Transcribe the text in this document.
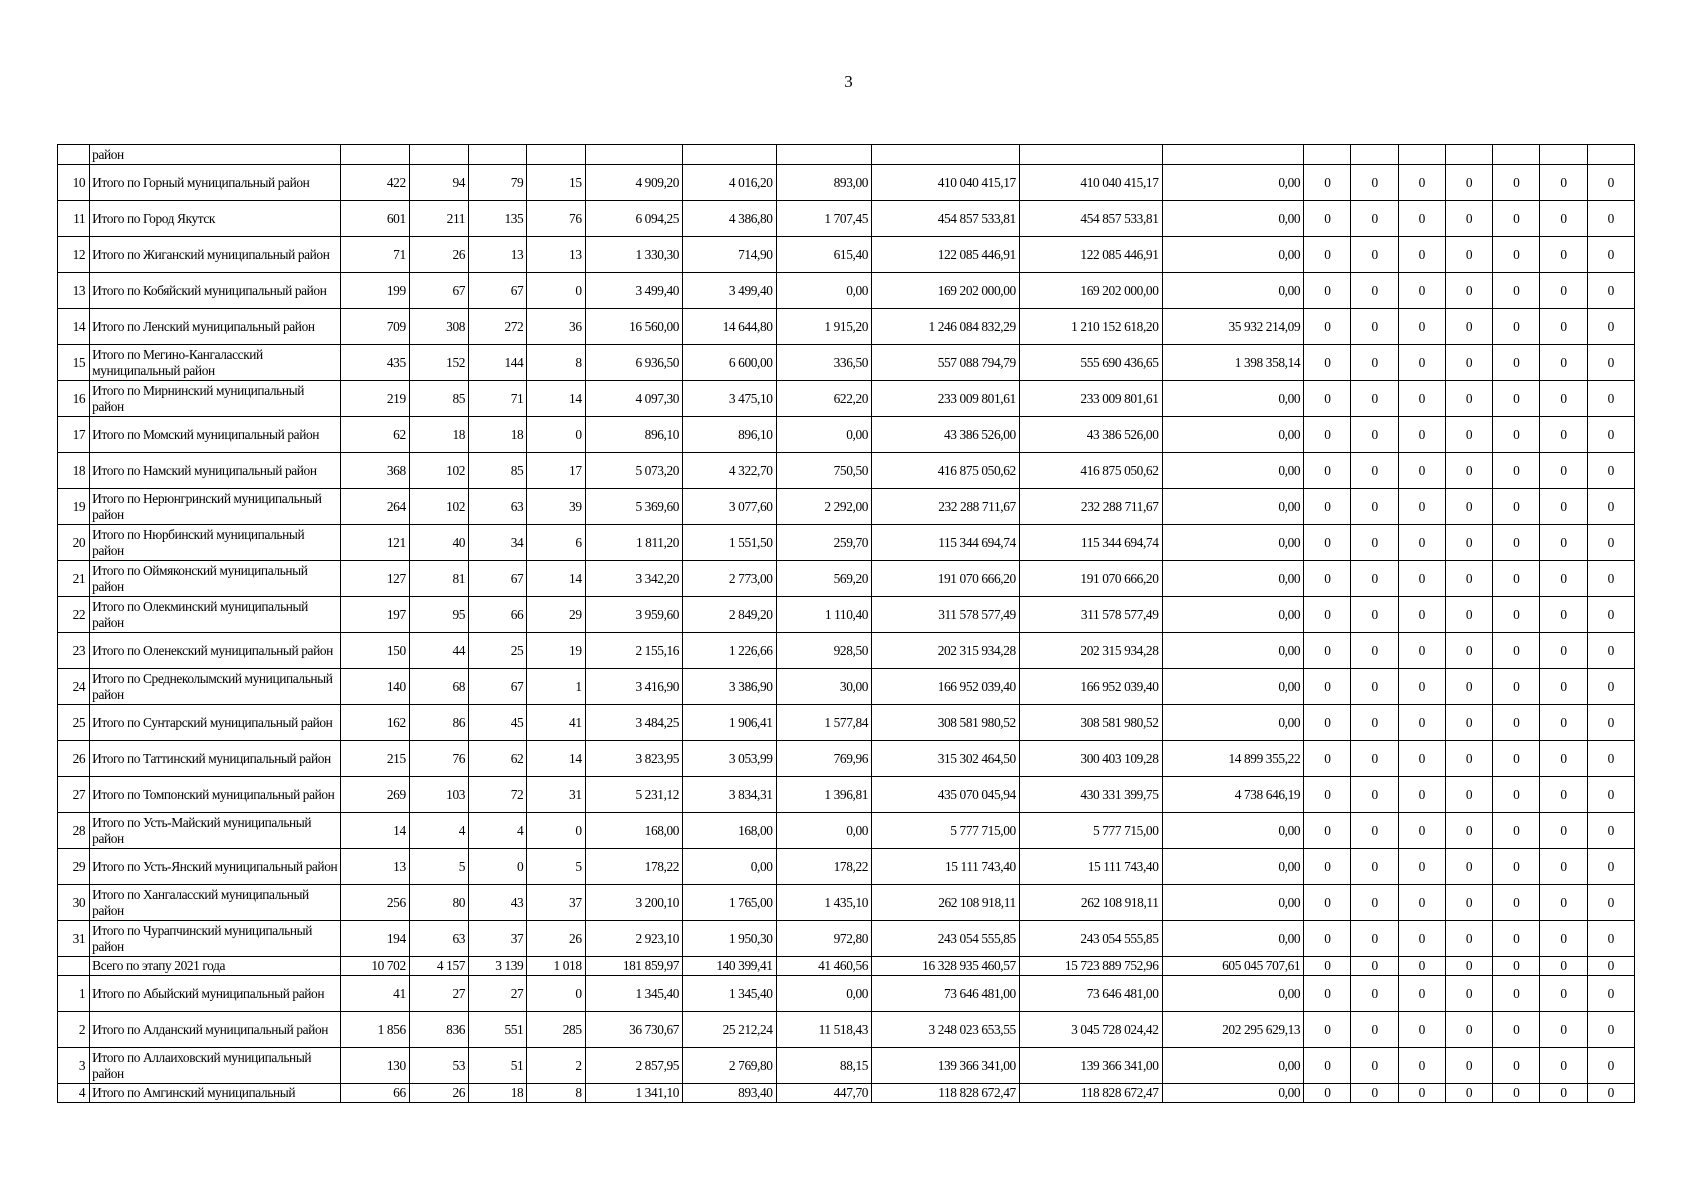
3
	район																	
10	Итого по Горный муниципальный район	422	94	79	15	4 909,20	4 016,20	893,00	410 040 415,17	410 040 415,17	0,00	0	0	0	0	0	0	0
11	Итого по Город Якутск	601	211	135	76	6 094,25	4 386,80	1 707,45	454 857 533,81	454 857 533,81	0,00	0	0	0	0	0	0	0
12	Итого по Жиганский муниципальный район	71	26	13	13	1 330,30	714,90	615,40	122 085 446,91	122 085 446,91	0,00	0	0	0	0	0	0	0
13	Итого по Кобяйский муниципальный район	199	67	67	0	3 499,40	3 499,40	0,00	169 202 000,00	169 202 000,00	0,00	0	0	0	0	0	0	0
14	Итого по Ленский муниципальный район	709	308	272	36	16 560,00	14 644,80	1 915,20	1 246 084 832,29	1 210 152 618,20	35 932 214,09	0	0	0	0	0	0	0
15	Итого по Мегино-Кангаласский муниципальный район	435	152	144	8	6 936,50	6 600,00	336,50	557 088 794,79	555 690 436,65	1 398 358,14	0	0	0	0	0	0	0
16	Итого по Мирнинский муниципальный район	219	85	71	14	4 097,30	3 475,10	622,20	233 009 801,61	233 009 801,61	0,00	0	0	0	0	0	0	0
17	Итого по Момский муниципальный район	62	18	18	0	896,10	896,10	0,00	43 386 526,00	43 386 526,00	0,00	0	0	0	0	0	0	0
18	Итого по Намский муниципальный район	368	102	85	17	5 073,20	4 322,70	750,50	416 875 050,62	416 875 050,62	0,00	0	0	0	0	0	0	0
19	Итого по Нерюнгринский муниципальный район	264	102	63	39	5 369,60	3 077,60	2 292,00	232 288 711,67	232 288 711,67	0,00	0	0	0	0	0	0	0
20	Итого по Нюрбинский муниципальный район	121	40	34	6	1 811,20	1 551,50	259,70	115 344 694,74	115 344 694,74	0,00	0	0	0	0	0	0	0
21	Итого по Оймяконский муниципальный район	127	81	67	14	3 342,20	2 773,00	569,20	191 070 666,20	191 070 666,20	0,00	0	0	0	0	0	0	0
22	Итого по Олекминский муниципальный район	197	95	66	29	3 959,60	2 849,20	1 110,40	311 578 577,49	311 578 577,49	0,00	0	0	0	0	0	0	0
23	Итого по Оленекский муниципальный район	150	44	25	19	2 155,16	1 226,66	928,50	202 315 934,28	202 315 934,28	0,00	0	0	0	0	0	0	0
24	Итого по Среднеколымский муниципальный район	140	68	67	1	3 416,90	3 386,90	30,00	166 952 039,40	166 952 039,40	0,00	0	0	0	0	0	0	0
25	Итого по Сунтарский муниципальный район	162	86	45	41	3 484,25	1 906,41	1 577,84	308 581 980,52	308 581 980,52	0,00	0	0	0	0	0	0	0
26	Итого по Таттинский муниципальный район	215	76	62	14	3 823,95	3 053,99	769,96	315 302 464,50	300 403 109,28	14 899 355,22	0	0	0	0	0	0	0
27	Итого по Томпонский муниципальный район	269	103	72	31	5 231,12	3 834,31	1 396,81	435 070 045,94	430 331 399,75	4 738 646,19	0	0	0	0	0	0	0
28	Итого по Усть-Майский муниципальный район	14	4	4	0	168,00	168,00	0,00	5 777 715,00	5 777 715,00	0,00	0	0	0	0	0	0	0
29	Итого по Усть-Янский муниципальный район	13	5	0	5	178,22	0,00	178,22	15 111 743,40	15 111 743,40	0,00	0	0	0	0	0	0	0
30	Итого по Хангаласский муниципальный район	256	80	43	37	3 200,10	1 765,00	1 435,10	262 108 918,11	262 108 918,11	0,00	0	0	0	0	0	0	0
31	Итого по Чурапчинский муниципальный район	194	63	37	26	2 923,10	1 950,30	972,80	243 054 555,85	243 054 555,85	0,00	0	0	0	0	0	0	0
	Всего по этапу 2021 года	10 702	4 157	3 139	1 018	181 859,97	140 399,41	41 460,56	16 328 935 460,57	15 723 889 752,96	605 045 707,61	0	0	0	0	0	0	0
1	Итого по Абыйский муниципальный район	41	27	27	0	1 345,40	1 345,40	0,00	73 646 481,00	73 646 481,00	0,00	0	0	0	0	0	0	0
2	Итого по Алданский муниципальный район	1 856	836	551	285	36 730,67	25 212,24	11 518,43	3 248 023 653,55	3 045 728 024,42	202 295 629,13	0	0	0	0	0	0	0
3	Итого по Аллаиховский муниципальный район	130	53	51	2	2 857,95	2 769,80	88,15	139 366 341,00	139 366 341,00	0,00	0	0	0	0	0	0	0
4	Итого по Амгинский муниципальный	66	26	18	8	1 341,10	893,40	447,70	118 828 672,47	118 828 672,47	0,00	0	0	0	0	0	0	0
